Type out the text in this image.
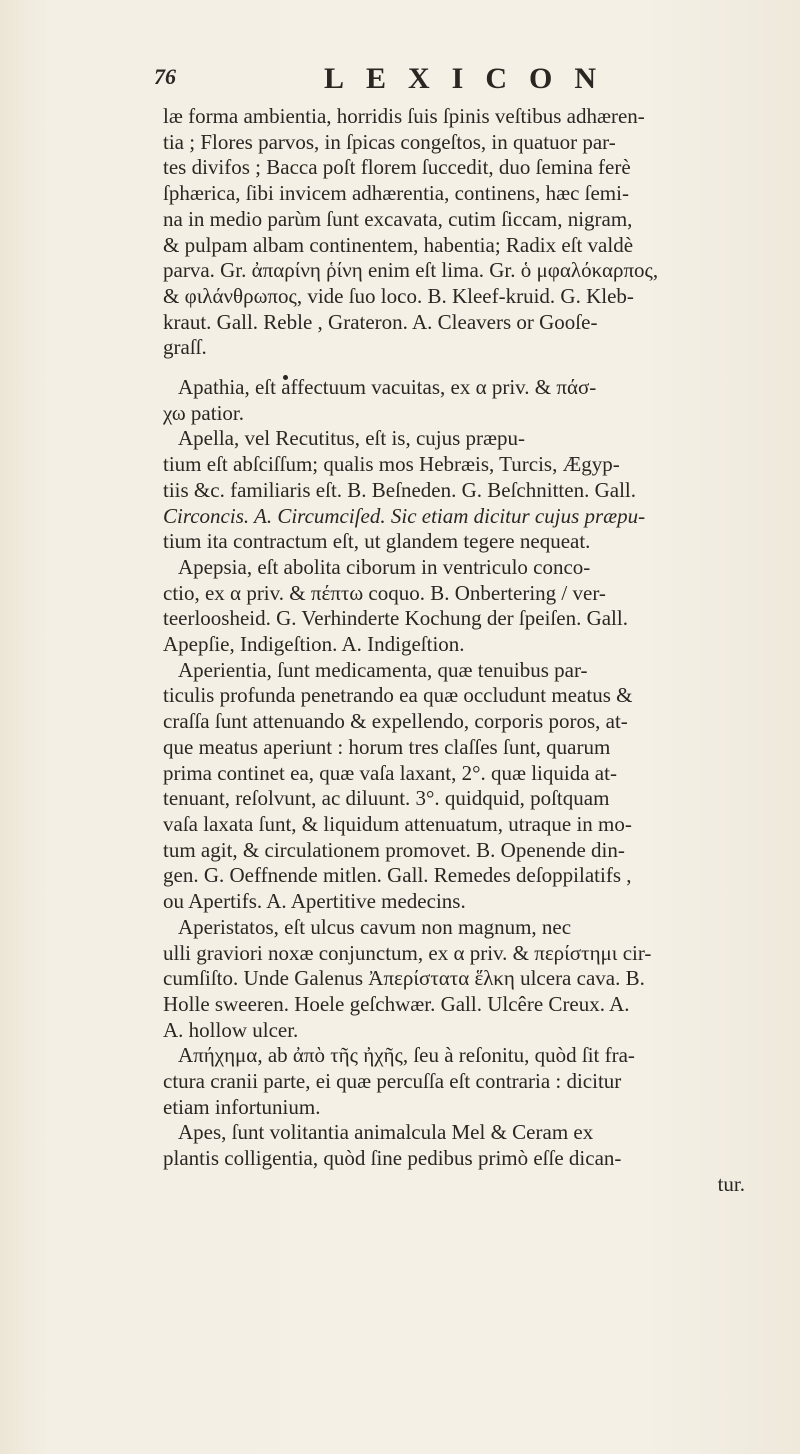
76	LEXICON
læ forma ambientia, horridis ſuis ſpinis veſtibus adhæren-
tia ; Flores parvos, in ſpicas congeſtos, in quatuor par-
tes divifos ; Bacca poſt florem ſuccedit, duo ſemina ferè
ſphærica, ſibi invicem adhærentia, continens, hæc ſemi-
na in medio parùm ſunt excavata, cutim ſiccam, nigram,
& pulpam albam continentem, habentia; Radix eſt valdè
parva. Gr. ἀπαρίνη ῥίνη enim eſt lima. Gr. ὁ μφαλόκαρπος,
& φιλάνθρωπος, vide ſuo loco. B. Kleef-kruid. G. Kleb-
kraut. Gall. Reble , Grateron. A. Cleavers or Gooſe-
graſſ.
Apathia, eſt affectuum vacuitas, ex α priv. & πάσ-
χω patior.
Apella, vel Recutitus, eſt is, cujus præpu-
tium eſt abſciſſum; qualis mos Hebræis, Turcis, Ægyp-
tiis &c. familiaris eſt. B. Beſneden. G. Beſchnitten. Gall.
Circoncis. A. Circumciſed. Sic etiam dicitur cujus præpu-
tium ita contractum eſt, ut glandem tegere nequeat.
Apepsia, eſt abolita ciborum in ventriculo conco-
ctio, ex α priv. & πέπτω coquo. B. Onbertering / ver-
teerloosheid. G. Verhinderte Kochung der ſpeiſen. Gall.
Apepſie, Indigeſtion. A. Indigeſtion.
Aperientia, ſunt medicamenta, quæ tenuibus par-
ticulis profunda penetrando ea quæ occludunt meatus &
craſſa ſunt attenuando & expellendo, corporis poros, at-
que meatus aperiunt : horum tres claſſes ſunt, quarum
prima continet ea, quæ vaſa laxant, 2°. quæ liquida at-
tenuant, reſolvunt, ac diluunt. 3°. quidquid, poſtquam
vaſa laxata ſunt, & liquidum attenuatum, utraque in mo-
tum agit, & circulationem promovet. B. Openende din-
gen. G. Oeffnende mitlen. Gall. Remedes deſoppilatifs ,
ou Apertifs. A. Apertitive medecins.
Aperistatos, eſt ulcus cavum non magnum, nec
ulli graviori noxæ conjunctum, ex α priv. & περίστημι cir-
cumſiſto. Unde Galenus Ἀπερίστατα ἕλκη ulcera cava. B.
Holle sweeren. Hoele geſchwær. Gall. Ulcêre Creux. A.
A. hollow ulcer.
Απήχημα, ab ἀπὸ τῆς ἠχῆς, ſeu à reſonitu, quòd ſit fra-
ctura cranii parte, ei quæ percuſſa eſt contraria : dicitur
etiam infortunium.
Apes, ſunt volitantia animalcula Mel & Ceram ex
plantis colligentia, quòd ſine pedibus primò eſſe dican-
tur.
